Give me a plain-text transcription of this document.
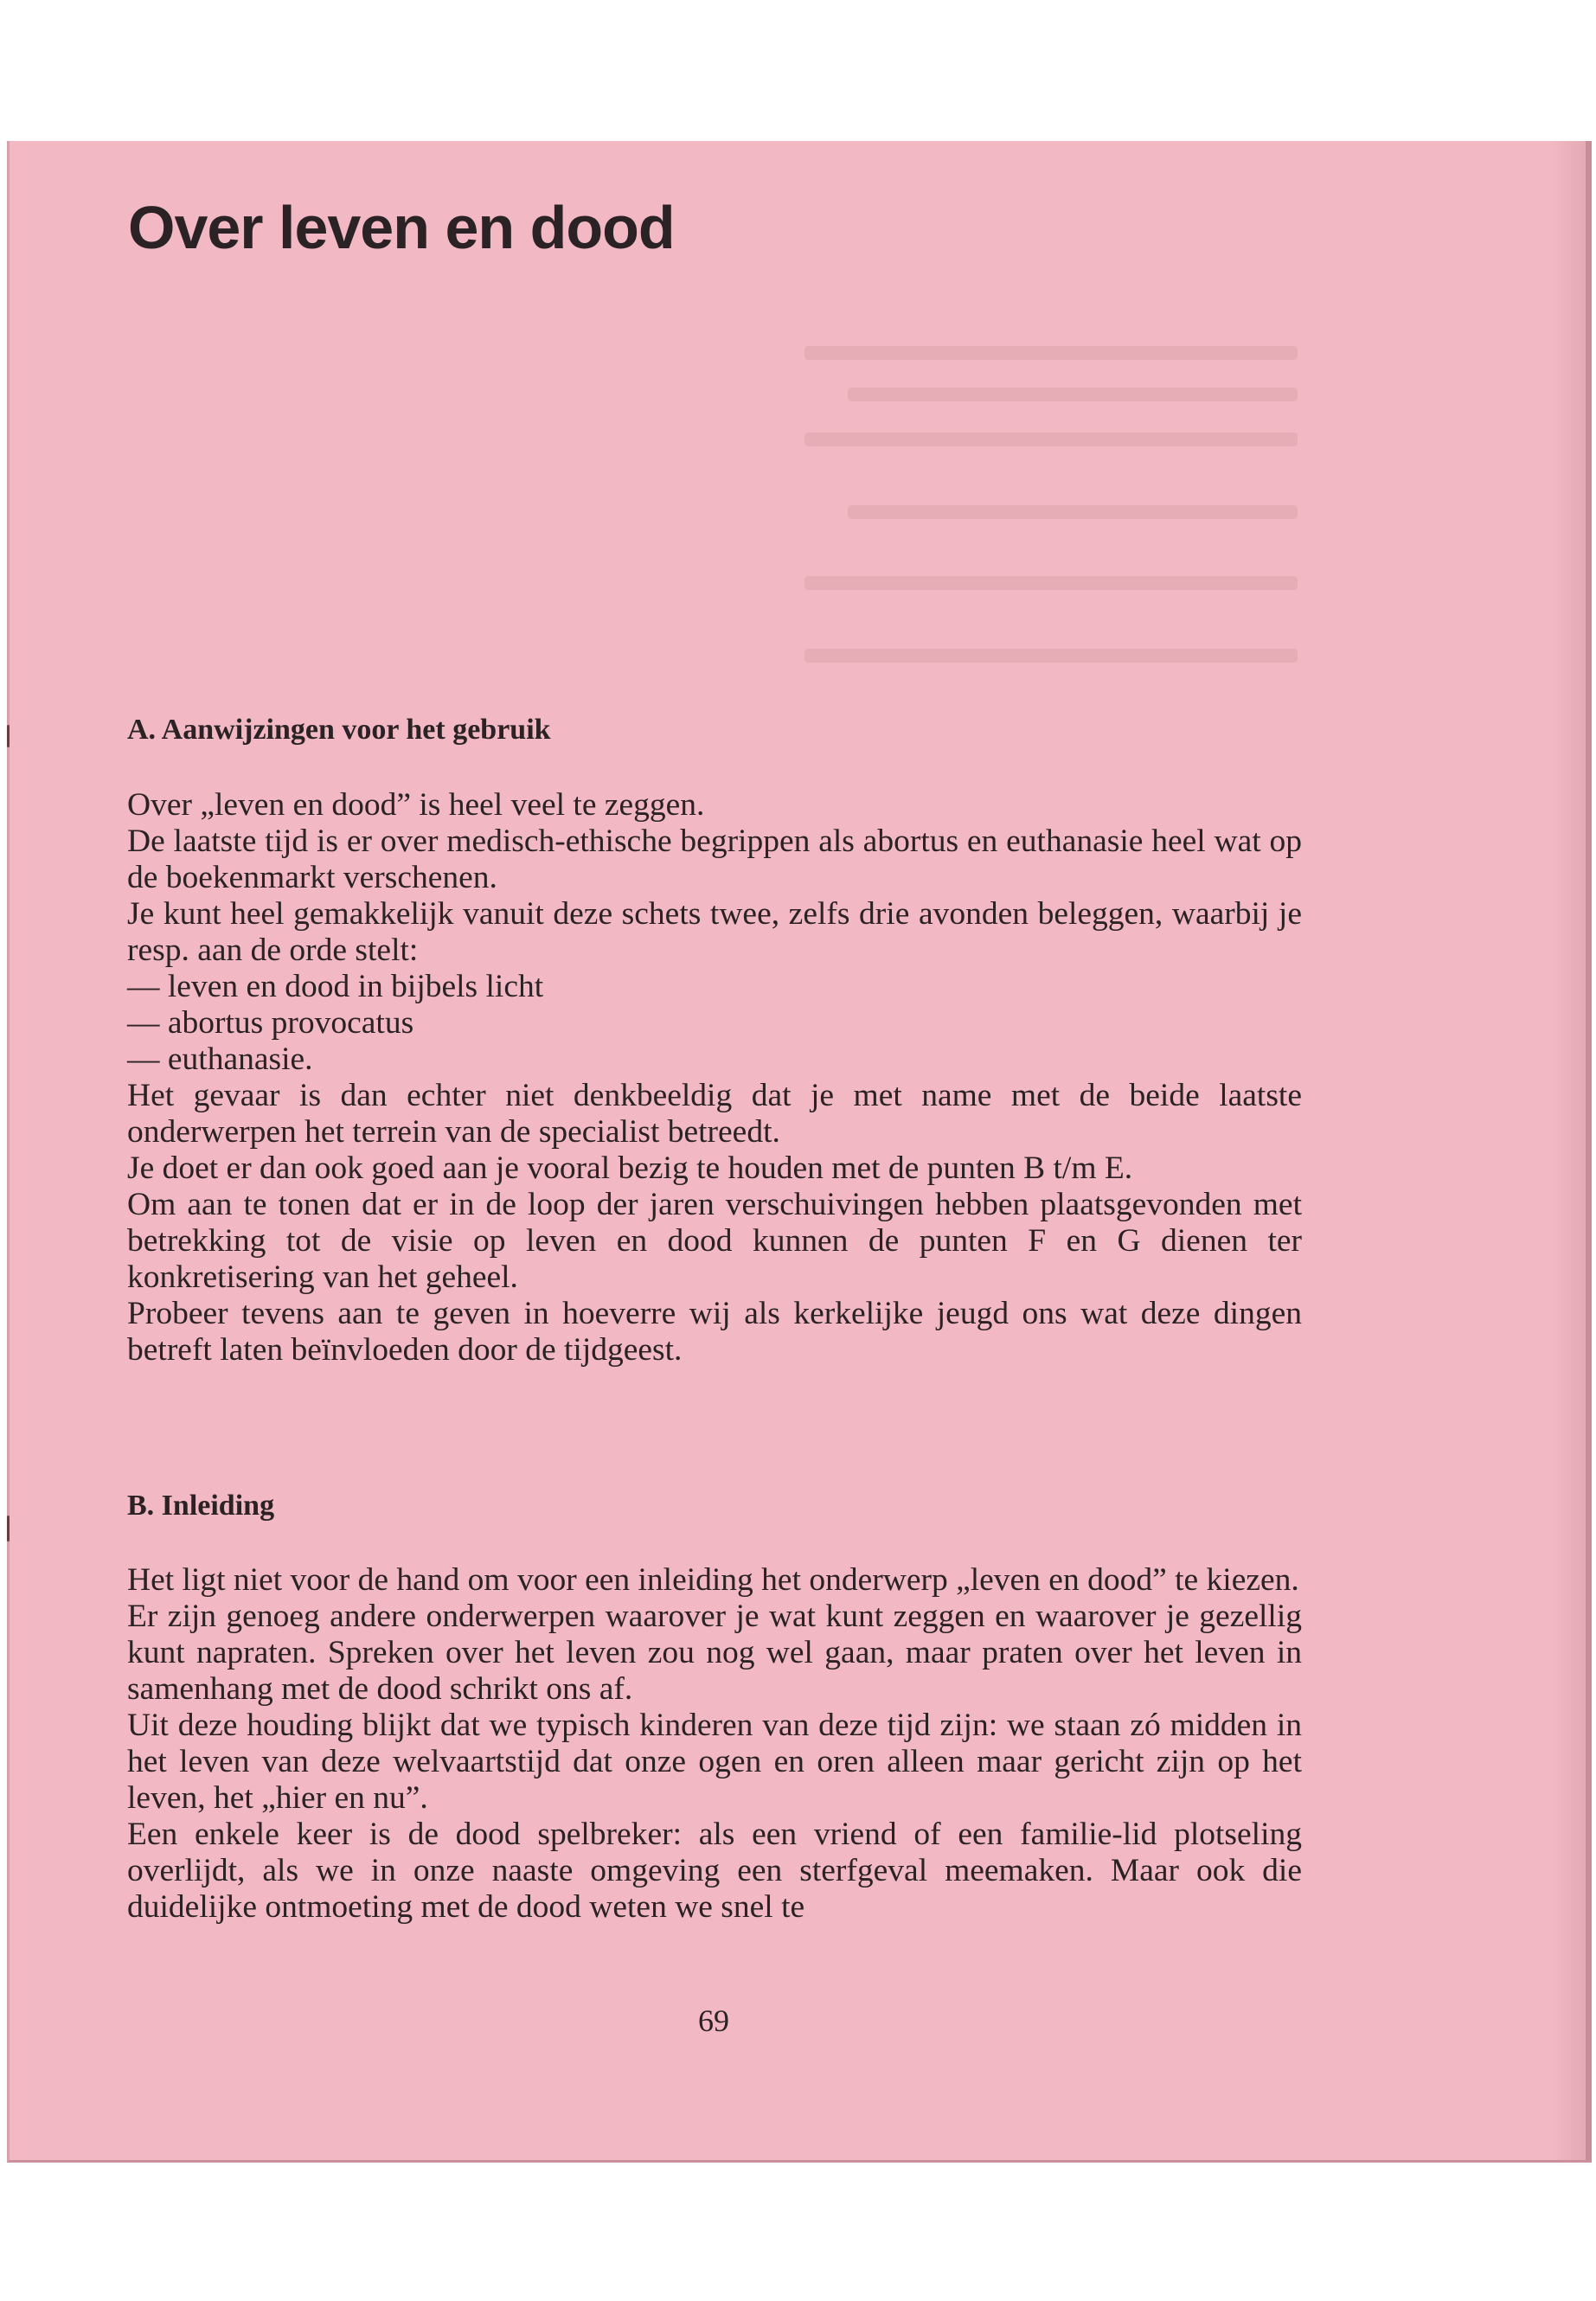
Over leven en dood
A. Aanwijzingen voor het gebruik

Over „leven en dood” is heel veel te zeggen.

De laatste tijd is er over medisch-ethische begrippen als abortus en euthanasie heel wat op de boekenmarkt verschenen.

Je kunt heel gemakkelijk vanuit deze schets twee, zelfs drie avonden beleggen, waarbij je resp. aan de orde stelt:

— leven en dood in bijbels licht

— abortus provocatus

— euthanasie.

Het gevaar is dan echter niet denkbeeldig dat je met name met de beide laatste onderwerpen het terrein van de specialist betreedt.

Je doet er dan ook goed aan je vooral bezig te houden met de punten B t/m E.

Om aan te tonen dat er in de loop der jaren verschuivingen hebben plaatsgevonden met betrekking tot de visie op leven en dood kunnen de punten F en G dienen ter konkretisering van het geheel.

Probeer tevens aan te geven in hoeverre wij als kerkelijke jeugd ons wat deze dingen betreft laten beïnvloeden door de tijdgeest.

B. Inleiding

Het ligt niet voor de hand om voor een inleiding het onderwerp „leven en dood” te kiezen.

Er zijn genoeg andere onderwerpen waarover je wat kunt zeggen en waarover je gezellig kunt napraten. Spreken over het leven zou nog wel gaan, maar praten over het leven in samenhang met de dood schrikt ons af.

Uit deze houding blijkt dat we typisch kinderen van deze tijd zijn: we staan zó midden in het leven van deze welvaartstijd dat onze ogen en oren alleen maar gericht zijn op het leven, het „hier en nu”.

Een enkele keer is de dood spelbreker: als een vriend of een familie-lid plotseling overlijdt, als we in onze naaste omgeving een sterfgeval meemaken. Maar ook die duidelijke ontmoeting met de dood weten we snel te

69
